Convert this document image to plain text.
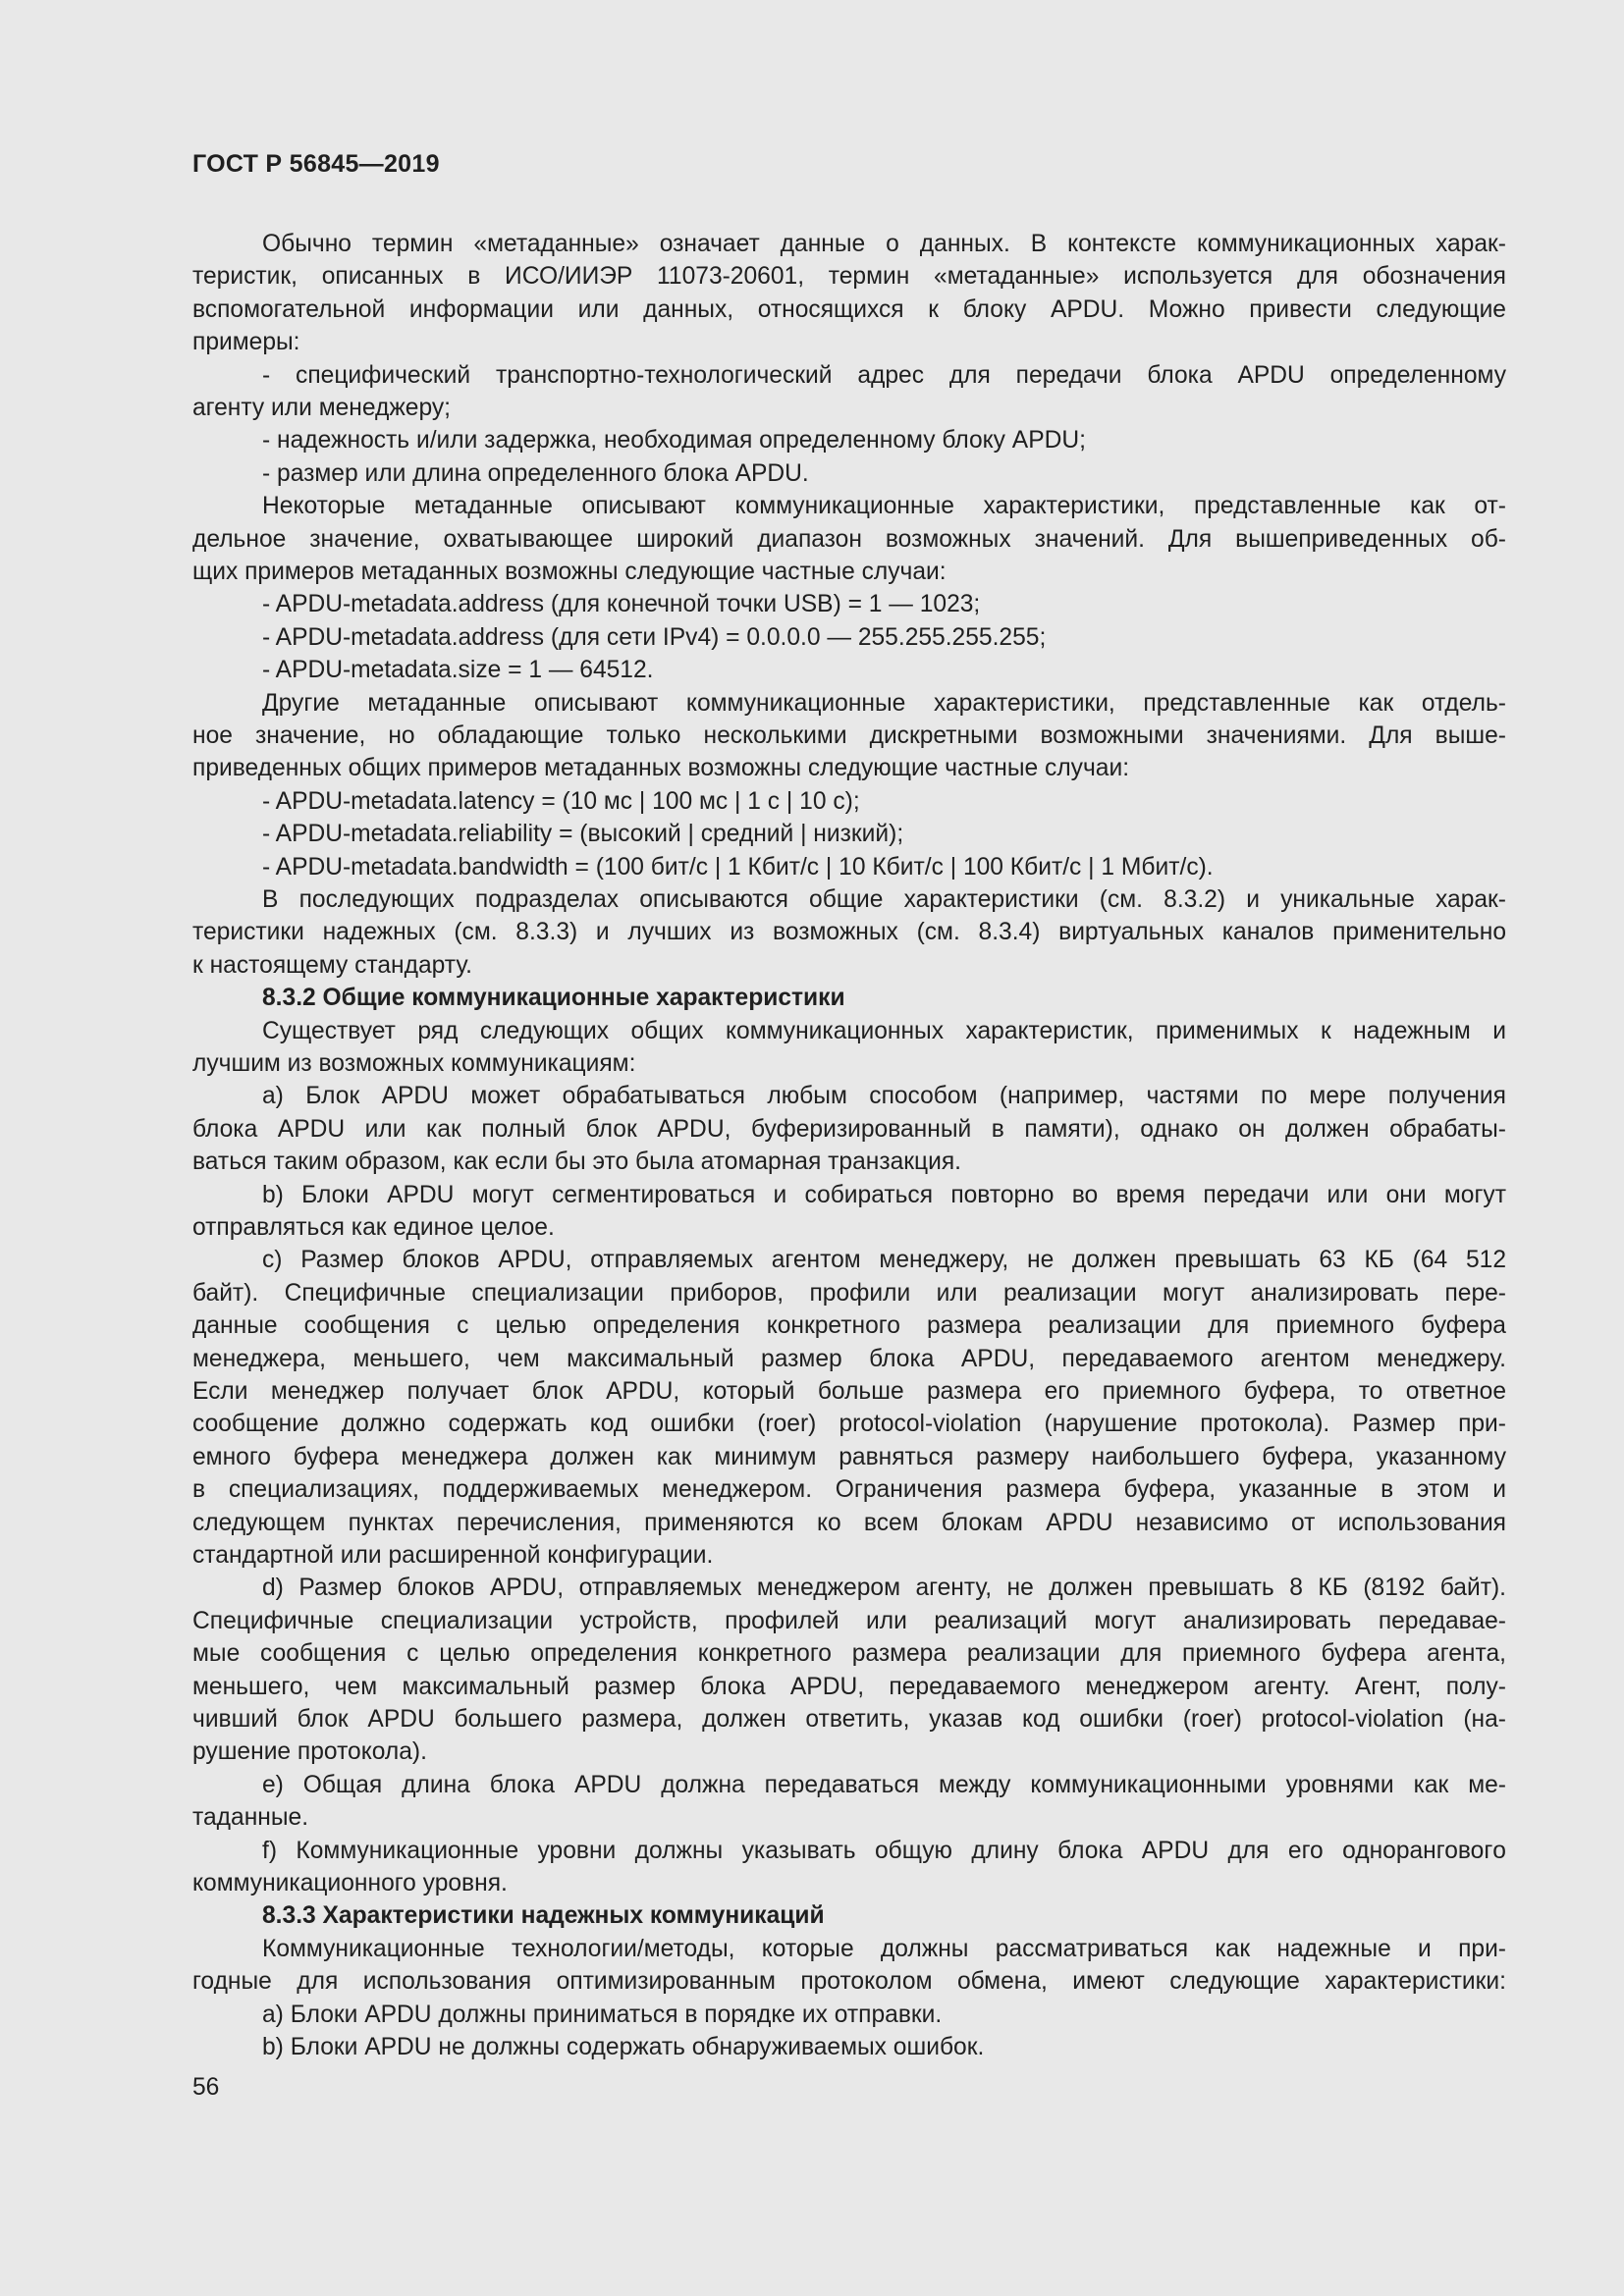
ГОСТ Р 56845—2019
Обычно термин «метаданные» означает данные о данных. В контексте коммуникационных харак-
теристик, описанных в ИСО/ИИЭР 11073-20601, термин «метаданные» используется для обозначения
вспомогательной информации или данных, относящихся к блоку APDU. Можно привести следующие
примеры:
- специфический транспортно-технологический адрес для передачи блока APDU определенному
агенту или менеджеру;
- надежность и/или задержка, необходимая определенному блоку APDU;
- размер или длина определенного блока APDU.
Некоторые метаданные описывают коммуникационные характеристики, представленные как от-
дельное значение, охватывающее широкий диапазон возможных значений. Для вышеприведенных об-
щих примеров метаданных возможны следующие частные случаи:
- APDU-metadata.address (для конечной точки USB) = 1 — 1023;
- APDU-metadata.address (для сети IPv4) = 0.0.0.0 — 255.255.255.255;
- APDU-metadata.size = 1 — 64512.
Другие метаданные описывают коммуникационные характеристики, представленные как отдель-
ное значение, но обладающие только несколькими дискретными возможными значениями. Для выше-
приведенных общих примеров метаданных возможны следующие частные случаи:
- APDU-metadata.latency = (10 мс | 100 мс | 1 с | 10 с);
- APDU-metadata.reliability = (высокий | средний | низкий);
- APDU-metadata.bandwidth = (100 бит/с | 1 Кбит/с | 10 Кбит/с | 100 Кбит/с | 1 Мбит/с).
В последующих подразделах описываются общие характеристики (см. 8.3.2) и уникальные харак-
теристики надежных (см. 8.3.3) и лучших из возможных (см. 8.3.4) виртуальных каналов применительно
к настоящему стандарту.
8.3.2 Общие коммуникационные характеристики
Существует ряд следующих общих коммуникационных характеристик, применимых к надежным и
лучшим из возможных коммуникациям:
a) Блок APDU может обрабатываться любым способом (например, частями по мере получения
блока APDU или как полный блок APDU, буферизированный в памяти), однако он должен обрабаты-
ваться таким образом, как если бы это была атомарная транзакция.
b) Блоки APDU могут сегментироваться и собираться повторно во время передачи или они могут
отправляться как единое целое.
c) Размер блоков APDU, отправляемых агентом менеджеру, не должен превышать 63 КБ (64 512
байт). Специфичные специализации приборов, профили или реализации могут анализировать пере-
данные сообщения с целью определения конкретного размера реализации для приемного буфера
менеджера, меньшего, чем максимальный размер блока APDU, передаваемого агентом менеджеру.
Если менеджер получает блок APDU, который больше размера его приемного буфера, то ответное
сообщение должно содержать код ошибки (roer) protocol-violation (нарушение протокола). Размер при-
емного буфера менеджера должен как минимум равняться размеру наибольшего буфера, указанному
в специализациях, поддерживаемых менеджером. Ограничения размера буфера, указанные в этом и
следующем пунктах перечисления, применяются ко всем блокам APDU независимо от использования
стандартной или расширенной конфигурации.
d) Размер блоков APDU, отправляемых менеджером агенту, не должен превышать 8 КБ (8192 байт).
Специфичные специализации устройств, профилей или реализаций могут анализировать передавае-
мые сообщения с целью определения конкретного размера реализации для приемного буфера агента,
меньшего, чем максимальный размер блока APDU, передаваемого менеджером агенту. Агент, полу-
чивший блок APDU большего размера, должен ответить, указав код ошибки (roer) protocol-violation (на-
рушение протокола).
e) Общая длина блока APDU должна передаваться между коммуникационными уровнями как ме-
таданные.
f) Коммуникационные уровни должны указывать общую длину блока APDU для его одноранговогo
коммуникационного уровня.
8.3.3 Характеристики надежных коммуникаций
Коммуникационные технологии/методы, которые должны рассматриваться как надежные и при-
годные для использования оптимизированным протоколом обмена, имеют следующие характеристики:
a) Блоки APDU должны приниматься в порядке их отправки.
b) Блоки APDU не должны содержать обнаруживаемых ошибок.
56
